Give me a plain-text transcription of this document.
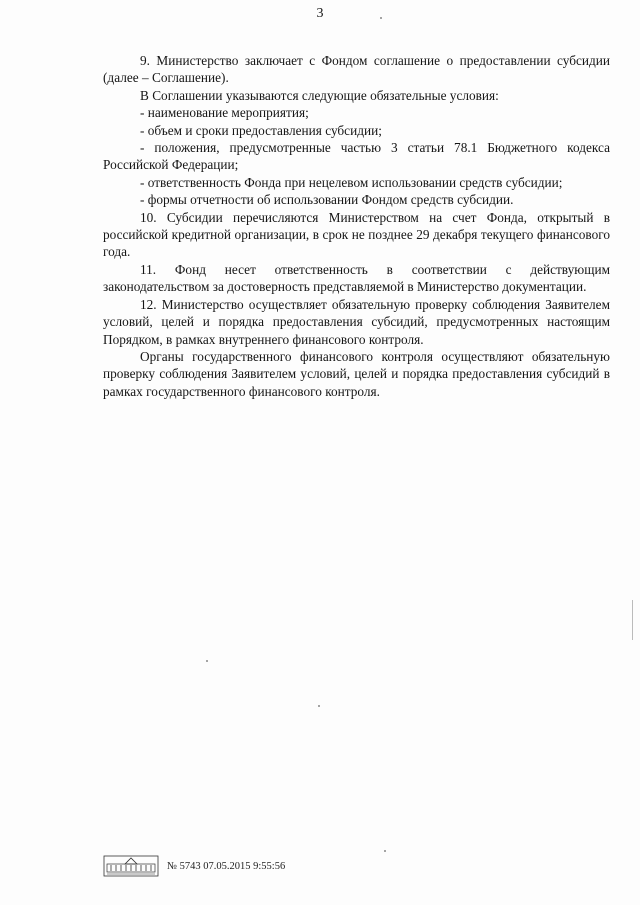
3

9. Министерство заключает с Фондом соглашение о предоставлении субсидии (далее – Соглашение).

В Соглашении указываются следующие обязательные условия:

- наименование мероприятия;

- объем и сроки предоставления субсидии;

- положения, предусмотренные частью 3 статьи 78.1 Бюджетного кодекса Российской Федерации;

- ответственность Фонда при нецелевом использовании средств субсидии;

- формы отчетности об использовании Фондом средств субсидии.

10. Субсидии перечисляются Министерством на счет Фонда, открытый в российской кредитной организации, в срок не позднее 29 декабря текущего финансового года.

11. Фонд несет ответственность в соответствии с действующим законодательством за достоверность представляемой в Министерство документации.

12. Министерство осуществляет обязательную проверку соблюдения Заявителем условий, целей и порядка предоставления субсидий, предусмотренных настоящим Порядком, в рамках внутреннего финансового контроля.

Органы государственного финансового контроля осуществляют обязательную проверку соблюдения Заявителем условий, целей и порядка предоставления субсидий в рамках государственного финансового контроля.

№ 5743 07.05.2015 9:55:56
